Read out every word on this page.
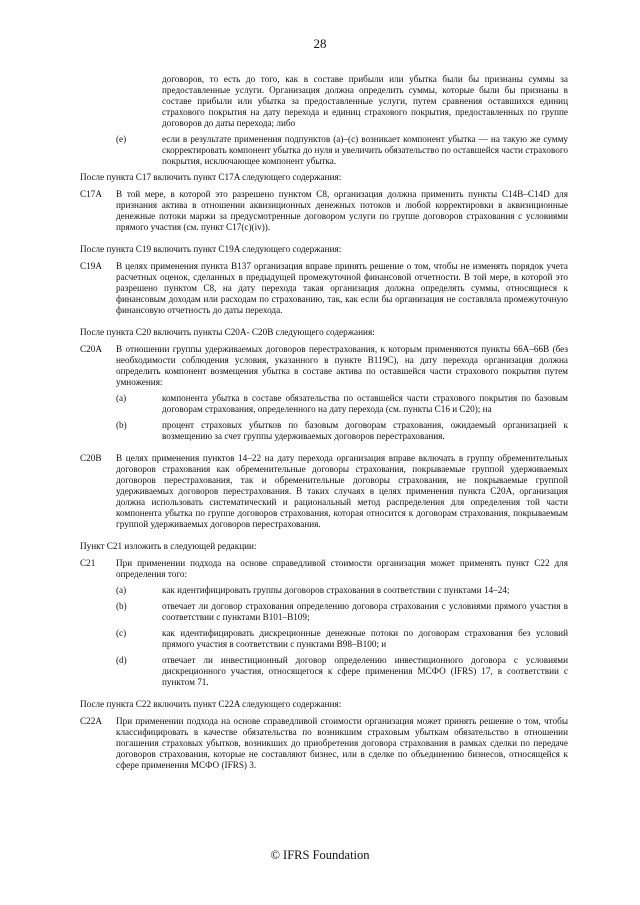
28
договоров, то есть до того, как в составе прибыли или убытка были бы признаны суммы за предоставленные услуги. Организация должна определить суммы, которые были бы признаны в составе прибыли или убытка за предоставленные услуги, путем сравнения оставшихся единиц страхового покрытия на дату перехода и единиц страхового покрытия, предоставленных по группе договоров до даты перехода; либо
(e)	если в результате применения подпунктов (a)–(c) возникает компонент убытка — на такую же сумму скорректировать компонент убытка до нуля и увеличить обязательство по оставшейся части страхового покрытия, исключающее компонент убытка.
После пункта C17 включить пункт C17A следующего содержания:
C17A	В той мере, в которой это разрешено пунктом C8, организация должна применить пункты C14B–C14D для признания актива в отношении аквизиционных денежных потоков и любой корректировки в аквизиционные денежные потоки маржи за предусмотренные договором услуги по группе договоров страхования с условиями прямого участия (см. пункт C17(c)(iv)).

После пункта C19 включить пункт C19A следующего содержания:
C19A	В целях применения пункта B137 организация вправе принять решение о том, чтобы не изменять порядок учета расчетных оценок, сделанных в предыдущей промежуточной финансовой отчетности. В той мере, в которой это разрешено пунктом C8, на дату перехода такая организация должна определять суммы, относящиеся к финансовым доходам или расходам по страхованию, так, как если бы организация не составляла промежуточную финансовую отчетность до даты перехода.

После пункта C20 включить пункты C20A- C20B следующего содержания:
C20A	В отношении группы удерживаемых договоров перестрахования, к которым применяются пункты 66A–66B (без необходимости соблюдения условия, указанного в пункте B119C), на дату перехода организация должна определить компонент возмещения убытка в составе актива по оставшейся части страхового покрытия путем умножения:

(a)	компонента убытка в составе обязательства по оставшейся части страхового покрытия по базовым договорам страхования, определенного на дату перехода (см. пункты C16 и C20); на
(b)	процент страховых убытков по базовым договорам страхования, ожидаемый организацией к возмещению за счет группы удерживаемых договоров перестрахования.
C20B	В целях применения пунктов 14–22 на дату перехода организация вправе включать в группу обременительных договоров страхования как обременительные договоры страхования, покрываемые группой удерживаемых договоров перестрахования, так и обременительные договоры страхования, не покрываемые группой удерживаемых договоров перестрахования. В таких случаях в целях применения пункта C20A, организация должна использовать систематический и рациональный метод распределения для определения той части компонента убытка по группе договоров страхования, которая относится к договорам страхования, покрываемым группой удерживаемых договоров перестрахования.

Пункт C21 изложить в следующей редакции:
C21	При применении подхода на основе справедливой стоимости организация может применять пункт C22 для определения того:

(a)	как идентифицировать группы договоров страхования в соответствии с пунктами 14–24;
(b)	отвечает ли договор страхования определению договора страхования с условиями прямого участия в соответствии с пунктами B101–B109;
(c)	как идентифицировать дискреционные денежные потоки по договорам страхования без условий прямого участия в соответствии с пунктами B98–B100; и
(d)	отвечает ли инвестиционный договор определению инвестиционного договора с условиями дискреционного участия, относящегося к сфере применения МСФО (IFRS) 17, в соответствии с пунктом 71.
После пункта C22 включить пункт C22A следующего содержания:
C22A	При применении подхода на основе справедливой стоимости организация может принять решение о том, чтобы классифицировать в качестве обязательства по возникшим страховым убыткам обязательство в отношении погашения страховых убытков, возникших до приобретения договора страхования в рамках сделки по передаче договоров страхования, которые не составляют бизнес, или в сделке по объединению бизнесов, относящейся к сфере применения МСФО (IFRS) 3.

© IFRS Foundation
